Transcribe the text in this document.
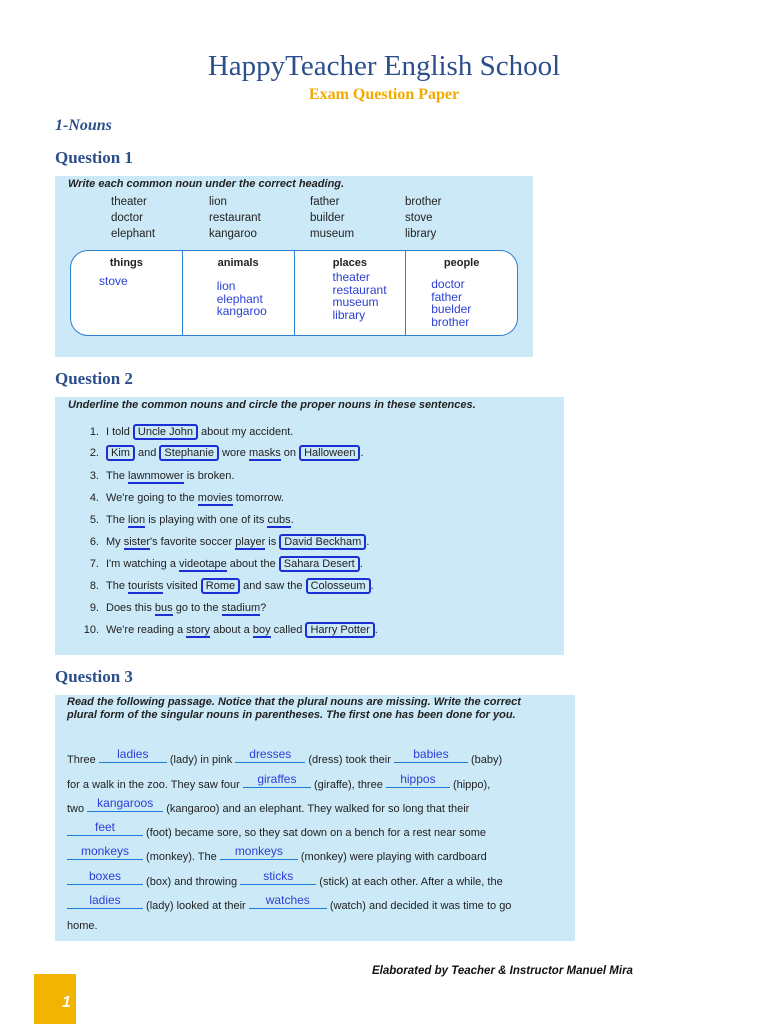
HappyTeacher English School
Exam Question Paper
1-Nouns
Question 1
Write each common noun under the correct heading.
theater	lion	father	brother
doctor	restaurant	builder	stove
elephant	kangaroo	museum	library
things
stove
animals
lion
elephant
kangaroo
places
theater
restaurant
museum
library
people
doctor
father
buelder
brother
Question 2
Underline the common nouns and circle the proper nouns in these sentences.
1. I told Uncle John about my accident.
2. Kim and Stephanie wore masks on Halloween .
3. The lawnmower is broken.
4. We're going to the movies tomorrow.
5. The lion is playing with one of its cubs.
6. My sister's favorite soccer player is David Beckham .
7. I'm watching a videotape about the Sahara Desert .
8. The tourists visited Rome and saw the Colosseum .
9. Does this bus go to the stadium?
10. We're reading a story about a boy called Harry Potter .
Question 3
Read the following passage. Notice that the plural nouns are missing. Write the correct
plural form of the singular nouns in parentheses. The first one has been done for you.
Three	ladies	(lady) in pink	dresses	(dress) took their	babies	(baby)
for a walk in the zoo. They saw four	giraffes	(giraffe), three	hippos	(hippo),
two kangaroos (kangaroo) and an elephant. They walked for so long that their
feet	(foot) became sore, so they sat down on a bench for a rest near some
monkeys	(monkey). The	monkeys	(monkey) were playing with cardboard
boxes	(box) and throwing	sticks	(stick) at each other. After a while, the
ladies	(lady) looked at their	watches	(watch) and decided it was time to go
home.
Elaborated by Teacher & Instructor Manuel Mira
1
